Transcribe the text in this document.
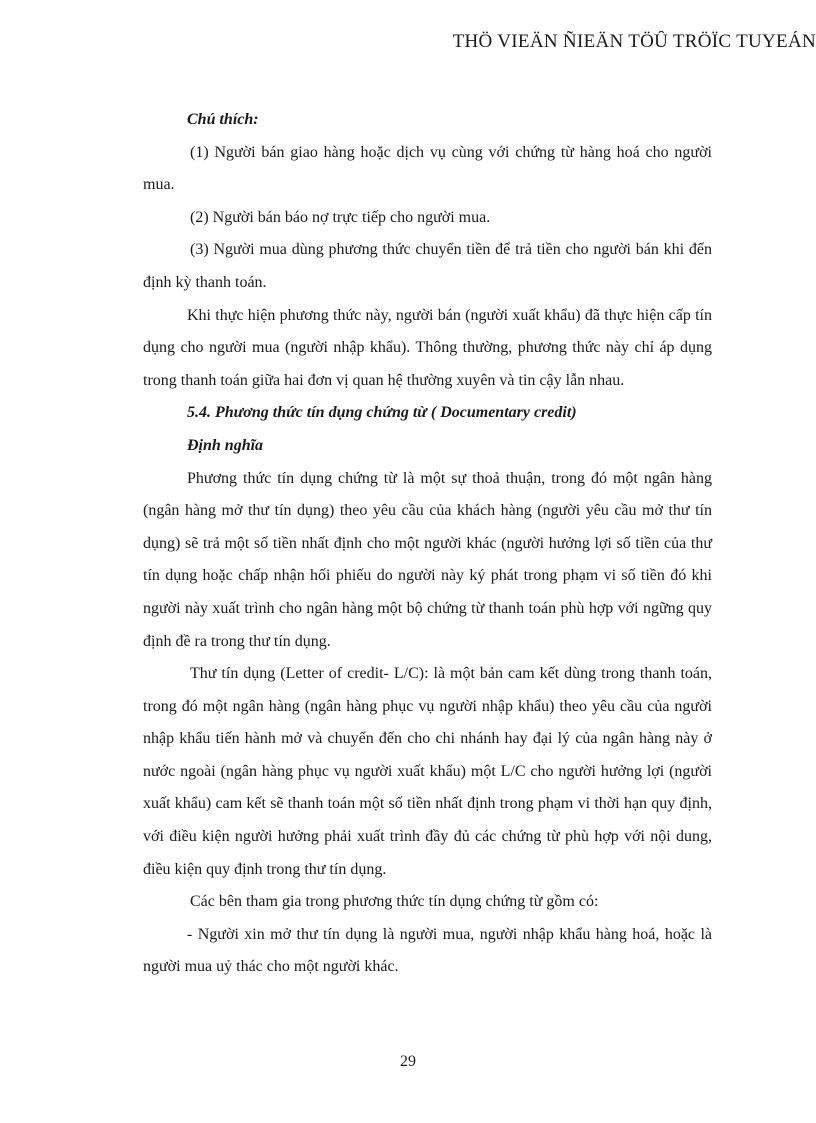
THÖ VIEÄN ÑIEÄN TÖÛ TRÖÏC TUYEÁN

Chú thích:

(1) Người bán giao hàng hoặc dịch vụ cùng với chứng từ hàng hoá cho người mua.

(2) Người bán báo nợ trực tiếp cho người mua.

(3) Người mua dùng phương thức chuyển tiền để trả tiền cho người bán khi đến định kỳ thanh toán.

Khi thực hiện phương thức này, người bán (người xuất khẩu) đã thực hiện cấp tín dụng cho người mua (người nhập khẩu). Thông thường, phương thức này chỉ áp dụng trong thanh toán giữa hai đơn vị quan hệ thường xuyên và tin cậy lẫn nhau.

5.4. Phương thức tín dụng chứng từ ( Documentary credit)

Định nghĩa

Phương thức tín dụng chứng từ là một sự thoả thuận, trong đó một ngân hàng (ngân hàng mở thư tín dụng) theo yêu cầu của khách hàng (người yêu cầu mở thư tín dụng) sẽ trả một số tiền nhất định cho một người khác (người hưởng lợi số tiền của thư tín dụng hoặc chấp nhận hối phiếu do người này ký phát trong phạm vi số tiền đó khi người này xuất trình cho ngân hàng một bộ chứng từ thanh toán phù hợp với ngững quy định đề ra trong thư tín dụng.

Thư tín dụng (Letter of credit- L/C): là một bản cam kết dùng trong thanh toán, trong đó một ngân hàng (ngân hàng phục vụ người nhập khẩu) theo yêu cầu của người nhập khẩu tiến hành mở và chuyển đến cho chi nhánh hay đại lý của ngân hàng này ở nước ngoài (ngân hàng phục vụ người xuất khẩu) một L/C cho người hưởng lợi (người xuất khẩu) cam kết sẽ thanh toán một số tiền nhất định trong phạm vi thời hạn quy định, với điều kiện người hưởng phải xuất trình đầy đủ các chứng từ phù hợp với nội dung, điều kiện quy định trong thư tín dụng.

Các bên tham gia trong phương thức tín dụng chứng từ gồm có:

- Người xin mở thư tín dụng là người mua, người nhập khẩu hàng hoá, hoặc là người mua uỷ thác cho một người khác.

29
